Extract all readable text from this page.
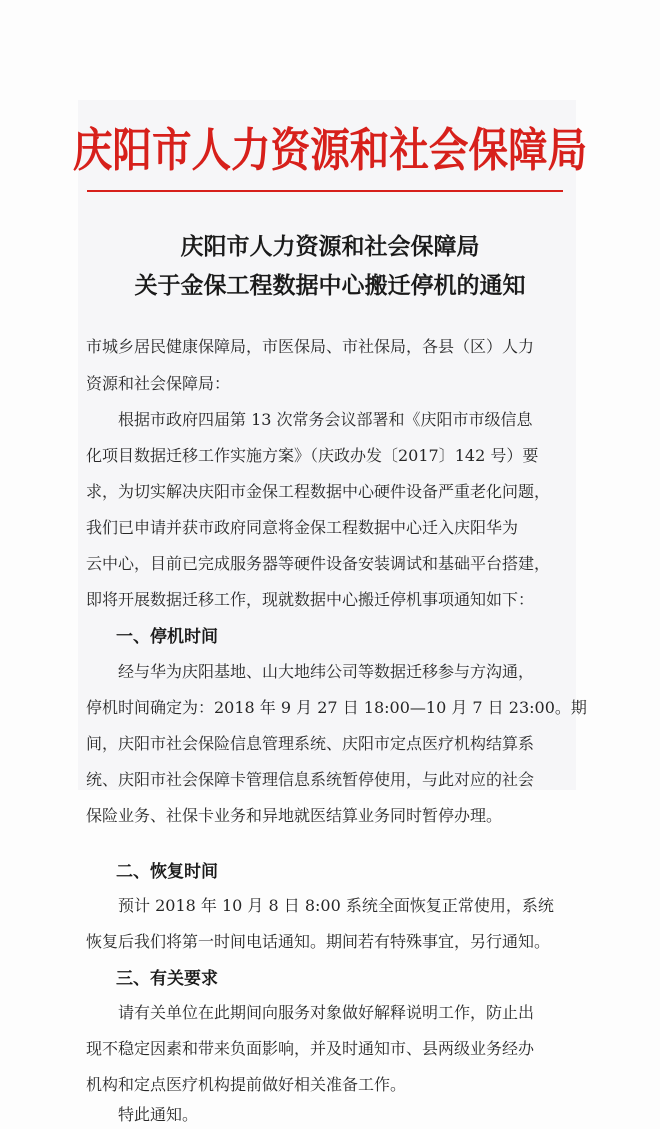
庆阳市人力资源和社会保障局
庆阳市人力资源和社会保障局
关于金保工程数据中心搬迁停机的通知
市城乡居民健康保障局，市医保局、市社保局，各县（区）人力
资源和社会保障局：
根据市政府四届第 13 次常务会议部署和《庆阳市市级信息
化项目数据迁移工作实施方案》（庆政办发〔2017〕142 号）要
求，为切实解决庆阳市金保工程数据中心硬件设备严重老化问题，
我们已申请并获市政府同意将金保工程数据中心迁入庆阳华为
云中心，目前已完成服务器等硬件设备安装调试和基础平台搭建，
即将开展数据迁移工作，现就数据中心搬迁停机事项通知如下：
一、停机时间
经与华为庆阳基地、山大地纬公司等数据迁移参与方沟通，
停机时间确定为：2018 年 9 月 27 日 18:00—10 月 7 日 23:00。期
间，庆阳市社会保险信息管理系统、庆阳市定点医疗机构结算系
统、庆阳市社会保障卡管理信息系统暂停使用，与此对应的社会
保险业务、社保卡业务和异地就医结算业务同时暂停办理。
二、恢复时间
预计 2018 年 10 月 8 日 8:00 系统全面恢复正常使用，系统
恢复后我们将第一时间电话通知。期间若有特殊事宜，另行通知。
三、有关要求
请有关单位在此期间向服务对象做好解释说明工作，防止出
现不稳定因素和带来负面影响，并及时通知市、县两级业务经办
机构和定点医疗机构提前做好相关准备工作。
特此通知。
